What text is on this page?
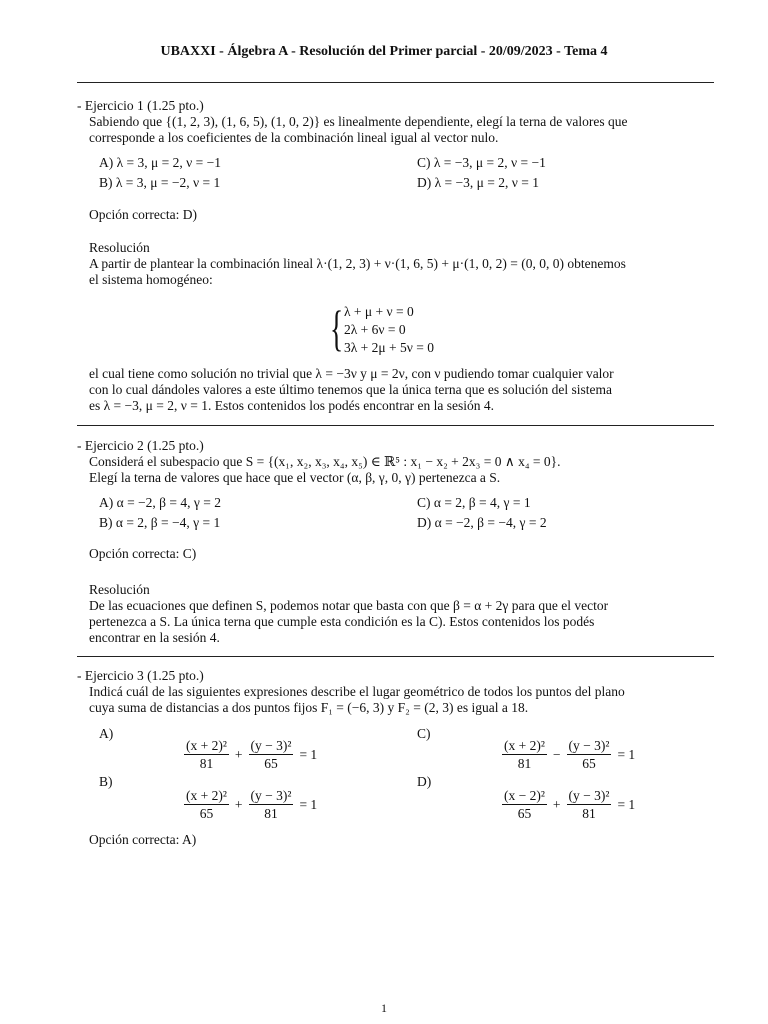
UBAXXI - Álgebra A - Resolución del Primer parcial - 20/09/2023 - Tema 4
- Ejercicio 1 (1.25 pto.)
Sabiendo que {(1, 2, 3), (1, 6, 5), (1, 0, 2)} es linealmente dependiente, elegí la terna de valores que
corresponde a los coeficientes de la combinación lineal igual al vector nulo.
A) λ = 3, μ = 2, ν = −1
B) λ = 3, μ = −2, ν = 1
C) λ = −3, μ = 2, ν = −1
D) λ = −3, μ = 2, ν = 1
Opción correcta: D)
Resolución
A partir de plantear la combinación lineal λ·(1, 2, 3) + ν·(1, 6, 5) + μ·(1, 0, 2) = (0, 0, 0) obtenemos
el sistema homogéneo:
{ λ + μ + ν = 0
2λ + 6ν = 0
3λ + 2μ + 5ν = 0
el cual tiene como solución no trivial que λ = −3ν y μ = 2ν, con ν pudiendo tomar cualquier valor
con lo cual dándoles valores a este último tenemos que la única terna que es solución del sistema
es λ = −3, μ = 2, ν = 1. Estos contenidos los podés encontrar en la sesión 4.
- Ejercicio 2 (1.25 pto.)
Considerá el subespacio que S = {(x₁, x₂, x₃, x₄, x₅) ∈ ℝ⁵ : x₁ − x₂ + 2x₃ = 0 ∧ x₄ = 0}.
Elegí la terna de valores que hace que el vector (α, β, γ, 0, γ) pertenezca a S.
A) α = −2, β = 4, γ = 2
B) α = 2, β = −4, γ = 1
C) α = 2, β = 4, γ = 1
D) α = −2, β = −4, γ = 2
Opción correcta: C)
Resolución
De las ecuaciones que definen S, podemos notar que basta con que β = α + 2γ para que el vector
pertenezca a S. La única terna que cumple esta condición es la C). Estos contenidos los podés
encontrar en la sesión 4.
- Ejercicio 3 (1.25 pto.)
Indicá cuál de las siguientes expresiones describe el lugar geométrico de todos los puntos del plano
cuya suma de distancias a dos puntos fijos F₁ = (−6, 3) y F₂ = (2, 3) es igual a 18.
A)
$\frac{\text{(x + 2)²}}{81} + \frac{\text{(y − 3)²}}{65} = 1$
C)
$\frac{\text{(x + 2)²}}{81} - \frac{\text{(y − 3)²}}{65} = 1$
B)
$\frac{\text{(x + 2)²}}{65} + \frac{\text{(y − 3)²}}{81} = 1$
D)
$\frac{\text{(x − 2)²}}{65} + \frac{\text{(y − 3)²}}{81} = 1$
Opción correcta: A)
1
